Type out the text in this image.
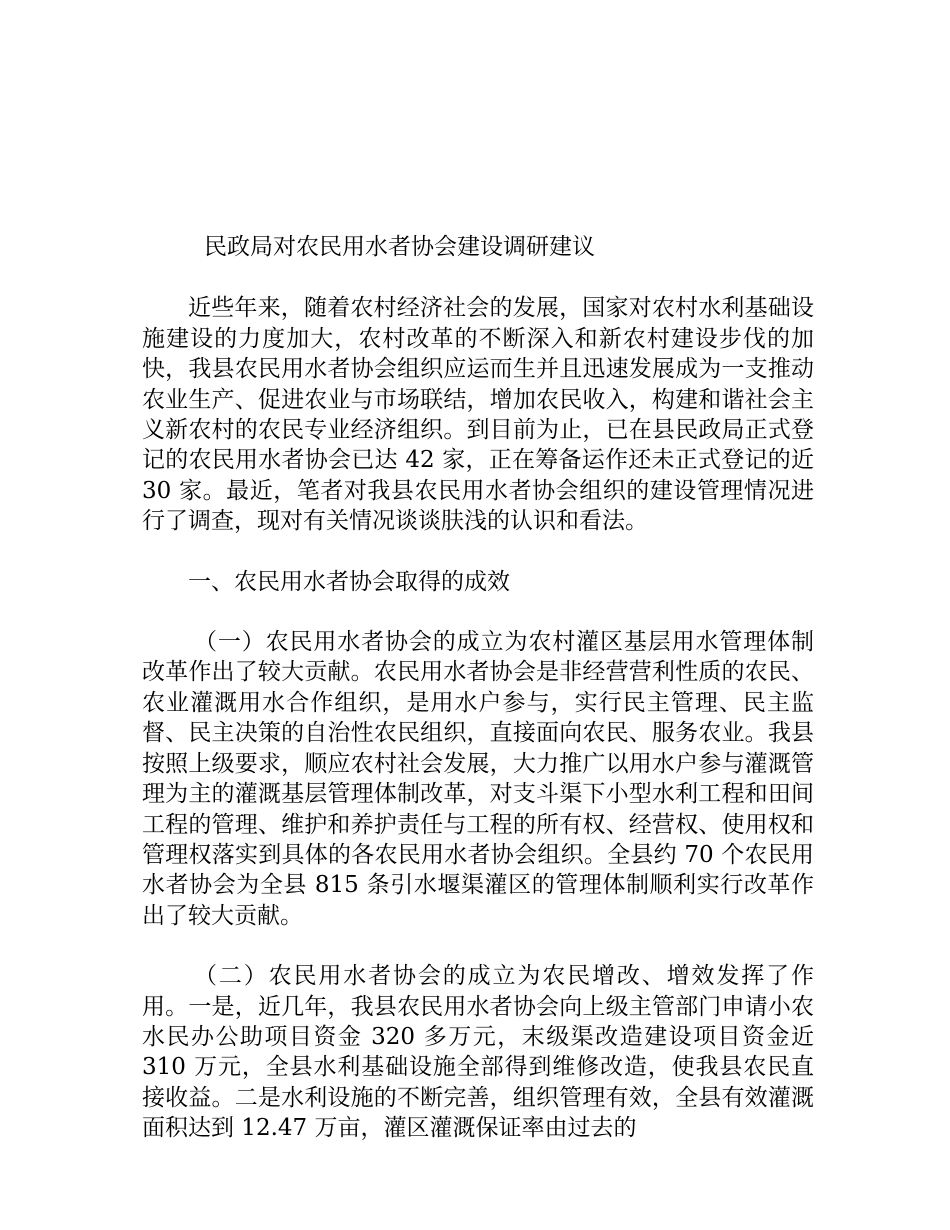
民政局对农民用水者协会建设调研建议

近些年来，随着农村经济社会的发展，国家对农村水利基础设施建设的力度加大，农村改革的不断深入和新农村建设步伐的加快，我县农民用水者协会组织应运而生并且迅速发展成为一支推动农业生产、促进农业与市场联结，增加农民收入，构建和谐社会主义新农村的农民专业经济组织。到目前为止，已在县民政局正式登记的农民用水者协会已达 42 家，正在筹备运作还未正式登记的近 30 家。最近，笔者对我县农民用水者协会组织的建设管理情况进行了调查，现对有关情况谈谈肤浅的认识和看法。

一、农民用水者协会取得的成效

（一）农民用水者协会的成立为农村灌区基层用水管理体制改革作出了较大贡献。农民用水者协会是非经营营利性质的农民、农业灌溉用水合作组织，是用水户参与，实行民主管理、民主监督、民主决策的自治性农民组织，直接面向农民、服务农业。我县按照上级要求，顺应农村社会发展，大力推广以用水户参与灌溉管理为主的灌溉基层管理体制改革，对支斗渠下小型水利工程和田间工程的管理、维护和养护责任与工程的所有权、经营权、使用权和管理权落实到具体的各农民用水者协会组织。全县约 70 个农民用水者协会为全县 815 条引水堰渠灌区的管理体制顺利实行改革作出了较大贡献。

（二）农民用水者协会的成立为农民增改、增效发挥了作用。一是，近几年，我县农民用水者协会向上级主管部门申请小农水民办公助项目资金 320 多万元，末级渠改造建设项目资金近 310 万元，全县水利基础设施全部得到维修改造，使我县农民直接收益。二是水利设施的不断完善，组织管理有效，全县有效灌溉面积达到 12.47 万亩，灌区灌溉保证率由过去的
